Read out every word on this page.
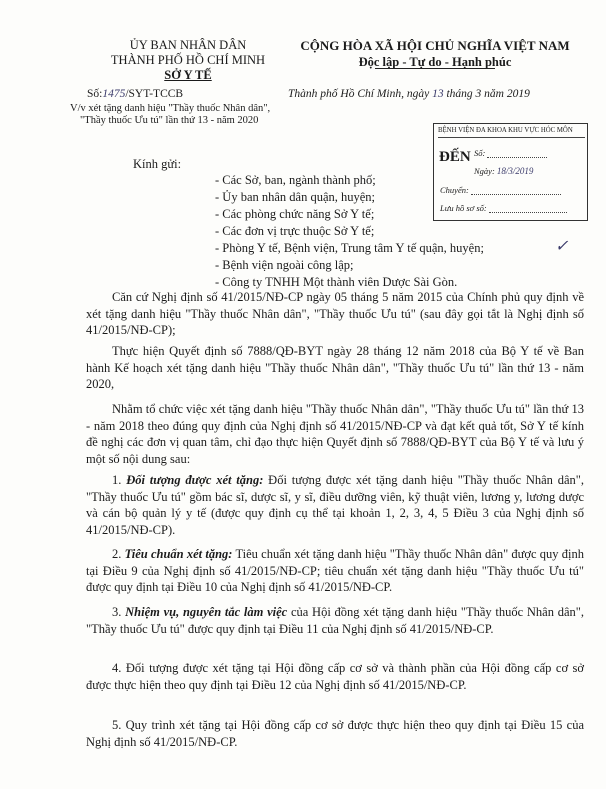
ỦY BAN NHÂN DÂN
THÀNH PHỐ HỒ CHÍ MINH
SỞ Y TẾ
Số:1475/SYT-TCCB
V/v xét tặng danh hiệu "Thầy thuốc Nhân dân",
"Thầy thuốc Ưu tú" lần thứ 13 - năm 2020
CỘNG HÒA XÃ HỘI CHỦ NGHĨA VIỆT NAM
Độc lập - Tự do - Hạnh phúc
Thành phố Hồ Chí Minh, ngày 13 tháng 3 năm 2019
BỆNH VIỆN ĐA KHOA KHU VỰC HÓC MÔN
ĐẾN Số:
Ngày: 18/3/2019
Chuyển:
Lưu hồ sơ số:
Kính gửi:
- Các Sở, ban, ngành thành phố;
- Ủy ban nhân dân quận, huyện;
- Các phòng chức năng Sở Y tế;
- Các đơn vị trực thuộc Sở Y tế;
- Phòng Y tế, Bệnh viện, Trung tâm Y tế quận, huyện;
- Bệnh viện ngoài công lập;
- Công ty TNHH Một thành viên Dược Sài Gòn.
✓
Căn cứ Nghị định số 41/2015/NĐ-CP ngày 05 tháng 5 năm 2015 của Chính phủ quy định về xét tặng danh hiệu "Thầy thuốc Nhân dân", "Thầy thuốc Ưu tú" (sau đây gọi tắt là Nghị định số 41/2015/NĐ-CP);
Thực hiện Quyết định số 7888/QĐ-BYT ngày 28 tháng 12 năm 2018 của Bộ Y tế về Ban hành Kế hoạch xét tặng danh hiệu "Thầy thuốc Nhân dân", "Thầy thuốc Ưu tú" lần thứ 13 - năm 2020,
Nhằm tổ chức việc xét tặng danh hiệu "Thầy thuốc Nhân dân", "Thầy thuốc Ưu tú" lần thứ 13 - năm 2018 theo đúng quy định của Nghị định số 41/2015/NĐ-CP và đạt kết quả tốt, Sở Y tế kính đề nghị các đơn vị quan tâm, chỉ đạo thực hiện Quyết định số 7888/QĐ-BYT của Bộ Y tế và lưu ý một số nội dung sau:
1. Đối tượng được xét tặng: Đối tượng được xét tặng danh hiệu "Thầy thuốc Nhân dân", "Thầy thuốc Ưu tú" gồm bác sĩ, dược sĩ, y sĩ, điều dưỡng viên, kỹ thuật viên, lương y, lương dược và cán bộ quản lý y tế (được quy định cụ thể tại khoản 1, 2, 3, 4, 5 Điều 3 của Nghị định số 41/2015/NĐ-CP).
2. Tiêu chuẩn xét tặng: Tiêu chuẩn xét tặng danh hiệu "Thầy thuốc Nhân dân" được quy định tại Điều 9 của Nghị định số 41/2015/NĐ-CP; tiêu chuẩn xét tặng danh hiệu "Thầy thuốc Ưu tú" được quy định tại Điều 10 của Nghị định số 41/2015/NĐ-CP.
3. Nhiệm vụ, nguyên tắc làm việc của Hội đồng xét tặng danh hiệu "Thầy thuốc Nhân dân", "Thầy thuốc Ưu tú" được quy định tại Điều 11 của Nghị định số 41/2015/NĐ-CP.
4. Đối tượng được xét tặng tại Hội đồng cấp cơ sở và thành phần của Hội đồng cấp cơ sở được thực hiện theo quy định tại Điều 12 của Nghị định số 41/2015/NĐ-CP.
5. Quy trình xét tặng tại Hội đồng cấp cơ sở được thực hiện theo quy định tại Điều 15 của Nghị định số 41/2015/NĐ-CP.
